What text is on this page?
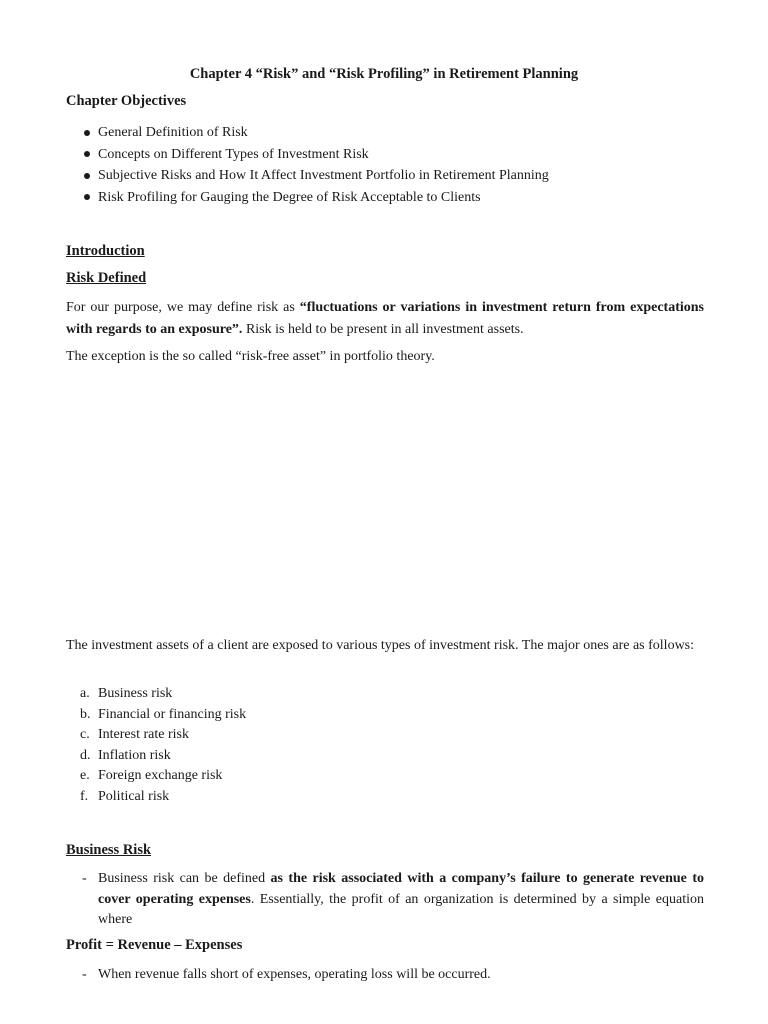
Chapter 4 “Risk” and “Risk Profiling” in Retirement Planning
Chapter Objectives
General Definition of Risk
Concepts on Different Types of Investment Risk
Subjective Risks and How It Affect Investment Portfolio in Retirement Planning
Risk Profiling for Gauging the Degree of Risk Acceptable to Clients
Introduction
Risk Defined
For our purpose, we may define risk as “fluctuations or variations in investment return from expectations with regards to an exposure”. Risk is held to be present in all investment assets.
The exception is the so called “risk-free asset” in portfolio theory.
The investment assets of a client are exposed to various types of investment risk. The major ones are as follows:
a. Business risk
b. Financial or financing risk
c. Interest rate risk
d. Inflation risk
e. Foreign exchange risk
f. Political risk
Business Risk
- Business risk can be defined as the risk associated with a company’s failure to generate revenue to cover operating expenses. Essentially, the profit of an organization is determined by a simple equation where
Profit = Revenue – Expenses
- When revenue falls short of expenses, operating loss will be occurred.
